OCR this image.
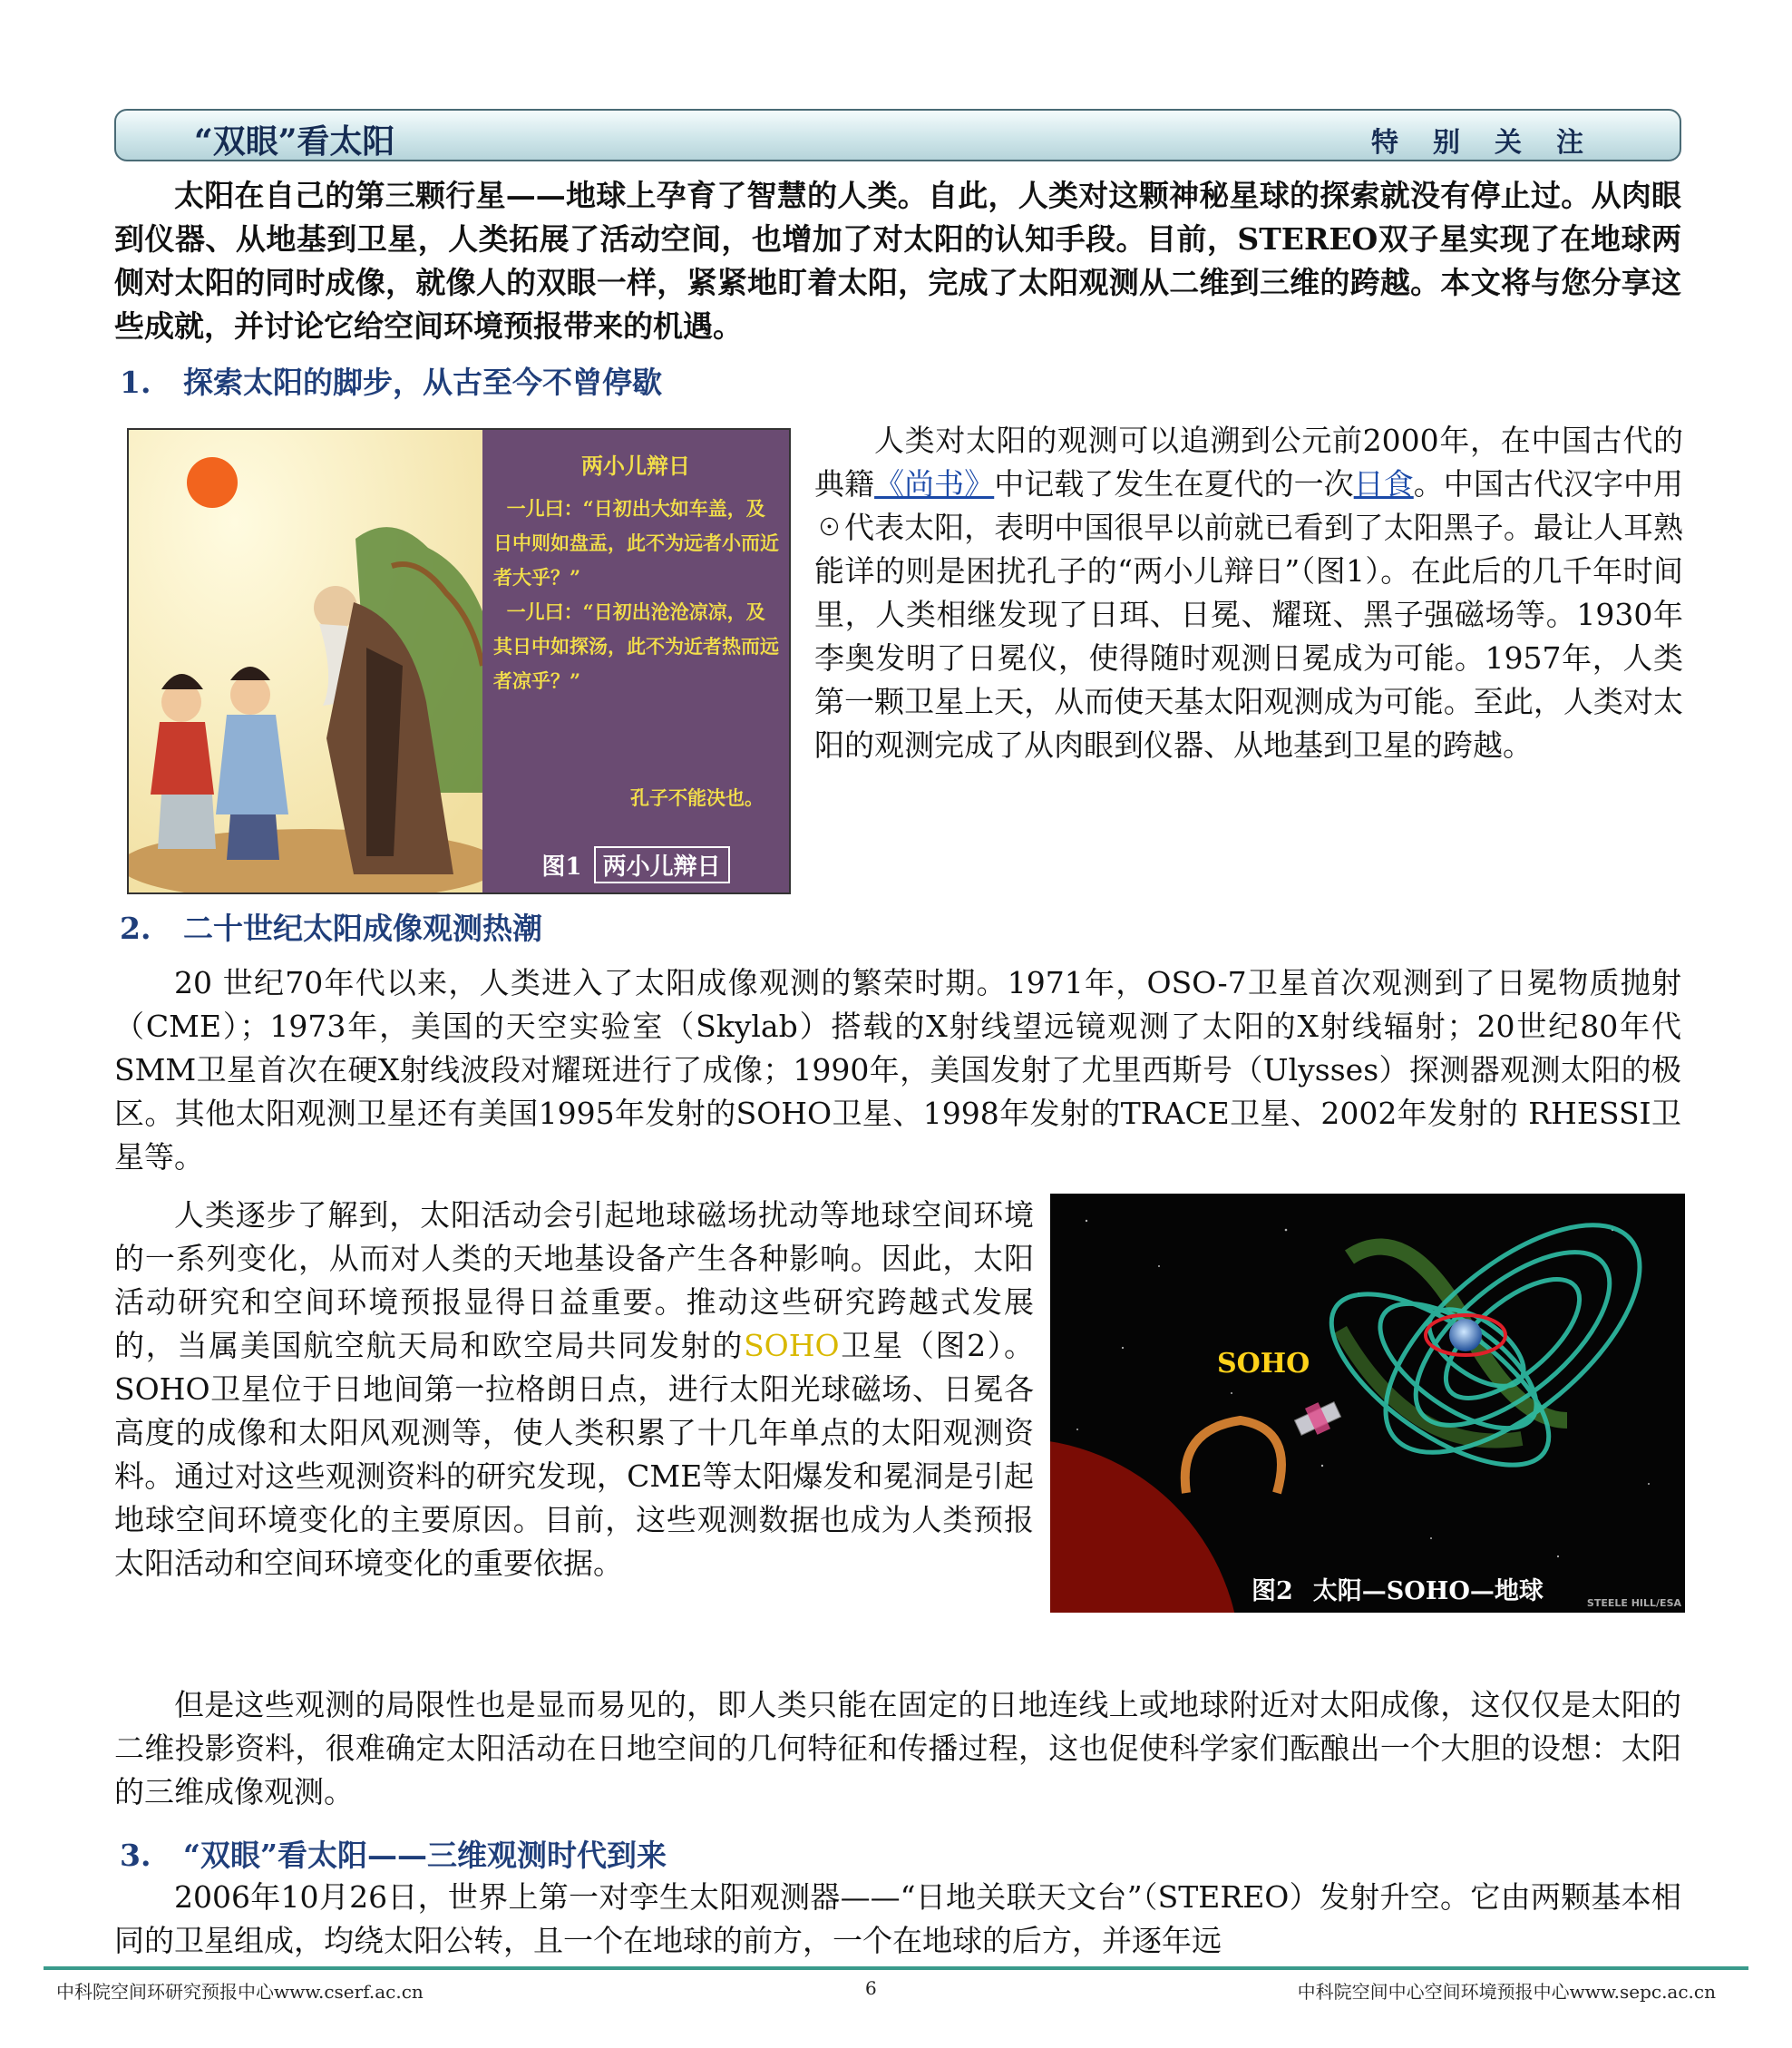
“双眼”看太阳	特别关注

太阳在自己的第三颗行星——地球上孕育了智慧的人类。自此，人类对这颗神秘星球的探索就没有停止过。从肉眼到仪器、从地基到卫星，人类拓展了活动空间，也增加了对太阳的认知手段。目前，STEREO双子星实现了在地球两侧对太阳的同时成像，就像人的双眼一样，紧紧地盯着太阳，完成了太阳观测从二维到三维的跨越。本文将与您分享这些成就，并讨论它给空间环境预报带来的机遇。

1. 探索太阳的脚步，从古至今不曾停歇
两小儿辩日
一儿曰：“日初出大如车盖，及日中则如盘盂，此不为远者小而近者大乎？”
一儿曰：“日初出沧沧凉凉，及其日中如探汤，此不为近者热而远者凉乎？”
孔子不能决也。
图1 两小儿辩日

人类对太阳的观测可以追溯到公元前2000年，在中国古代的典籍《尚书》中记载了发生在夏代的一次日食。中国古代汉字中用☉代表太阳，表明中国很早以前就已看到了太阳黑子。最让人耳熟能详的则是困扰孔子的“两小儿辩日”（图1）。在此后的几千年时间里，人类相继发现了日珥、日冕、耀斑、黑子强磁场等。1930年李奥发明了日冕仪，使得随时观测日冕成为可能。1957年，人类第一颗卫星上天，从而使天基太阳观测成为可能。至此，人类对太阳的观测完成了从肉眼到仪器、从地基到卫星的跨越。

2. 二十世纪太阳成像观测热潮

20 世纪70年代以来，人类进入了太阳成像观测的繁荣时期。1971年，OSO-7卫星首次观测到了日冕物质抛射（CME）；1973年，美国的天空实验室（Skylab）搭载的X射线望远镜观测了太阳的X射线辐射；20世纪80年代SMM卫星首次在硬X射线波段对耀斑进行了成像；1990年，美国发射了尤里西斯号（Ulysses）探测器观测太阳的极区。其他太阳观测卫星还有美国1995年发射的SOHO卫星、1998年发射的TRACE卫星、2002年发射的 RHESSI卫星等。

人类逐步了解到，太阳活动会引起地球磁场扰动等地球空间环境的一系列变化，从而对人类的天地基设备产生各种影响。因此，太阳活动研究和空间环境预报显得日益重要。推动这些研究跨越式发展的，当属美国航空航天局和欧空局共同发射的SOHO卫星（图2）。SOHO卫星位于日地间第一拉格朗日点，进行太阳光球磁场、日冕各高度的成像和太阳风观测等，使人类积累了十几年单点的太阳观测资料。通过对这些观测资料的研究发现，CME等太阳爆发和冕洞是引起地球空间环境变化的主要原因。目前，这些观测数据也成为人类预报太阳活动和空间环境变化的重要依据。

SOHO
图2 太阳—SOHO—地球	STEELE HILL/ESA

但是这些观测的局限性也是显而易见的，即人类只能在固定的日地连线上或地球附近对太阳成像，这仅仅是太阳的二维投影资料，很难确定太阳活动在日地空间的几何特征和传播过程，这也促使科学家们酝酿出一个大胆的设想：太阳的三维成像观测。

3. “双眼”看太阳——三维观测时代到来

2006年10月26日，世界上第一对孪生太阳观测器——“日地关联天文台”（STEREO）发射升空。它由两颗基本相同的卫星组成，均绕太阳公转，且一个在地球的前方，一个在地球的后方，并逐年远

中科院空间环研究预报中心www.cserf.ac.cn	6	中科院空间中心空间环境预报中心www.sepc.ac.cn
